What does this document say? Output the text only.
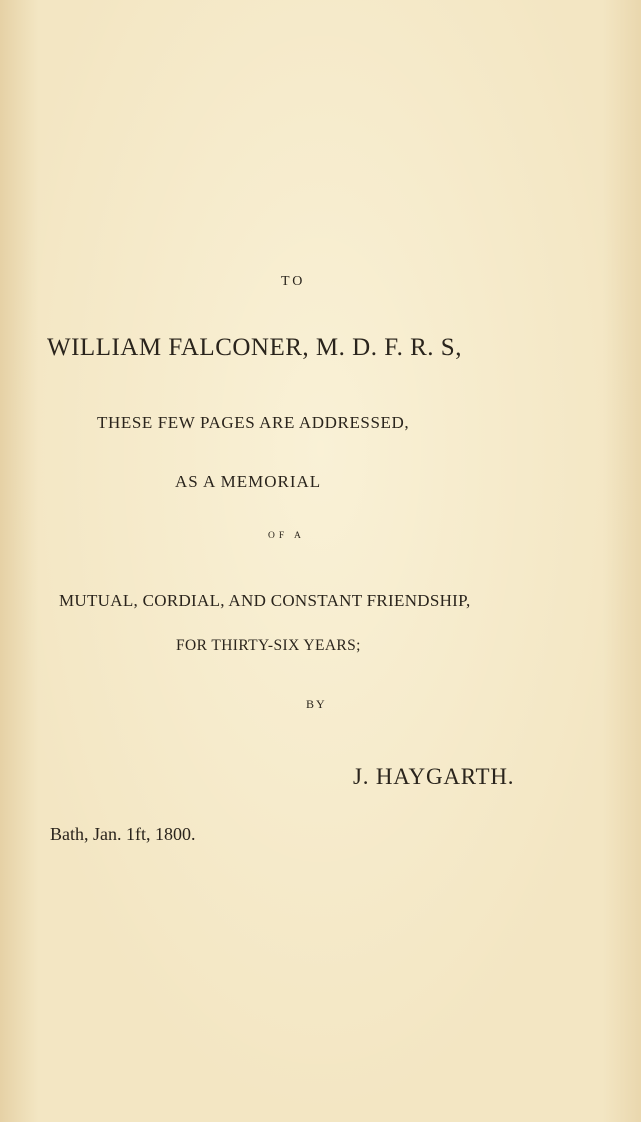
TO
WILLIAM FALCONER, M. D. F. R. S,
THESE FEW PAGES ARE ADDRESSED,
AS A MEMORIAL
OF A
MUTUAL, CORDIAL, AND CONSTANT FRIENDSHIP,
FOR THIRTY-SIX YEARS;
BY
J. HAYGARTH.
Bath, Jan. 1ft, 1800.
